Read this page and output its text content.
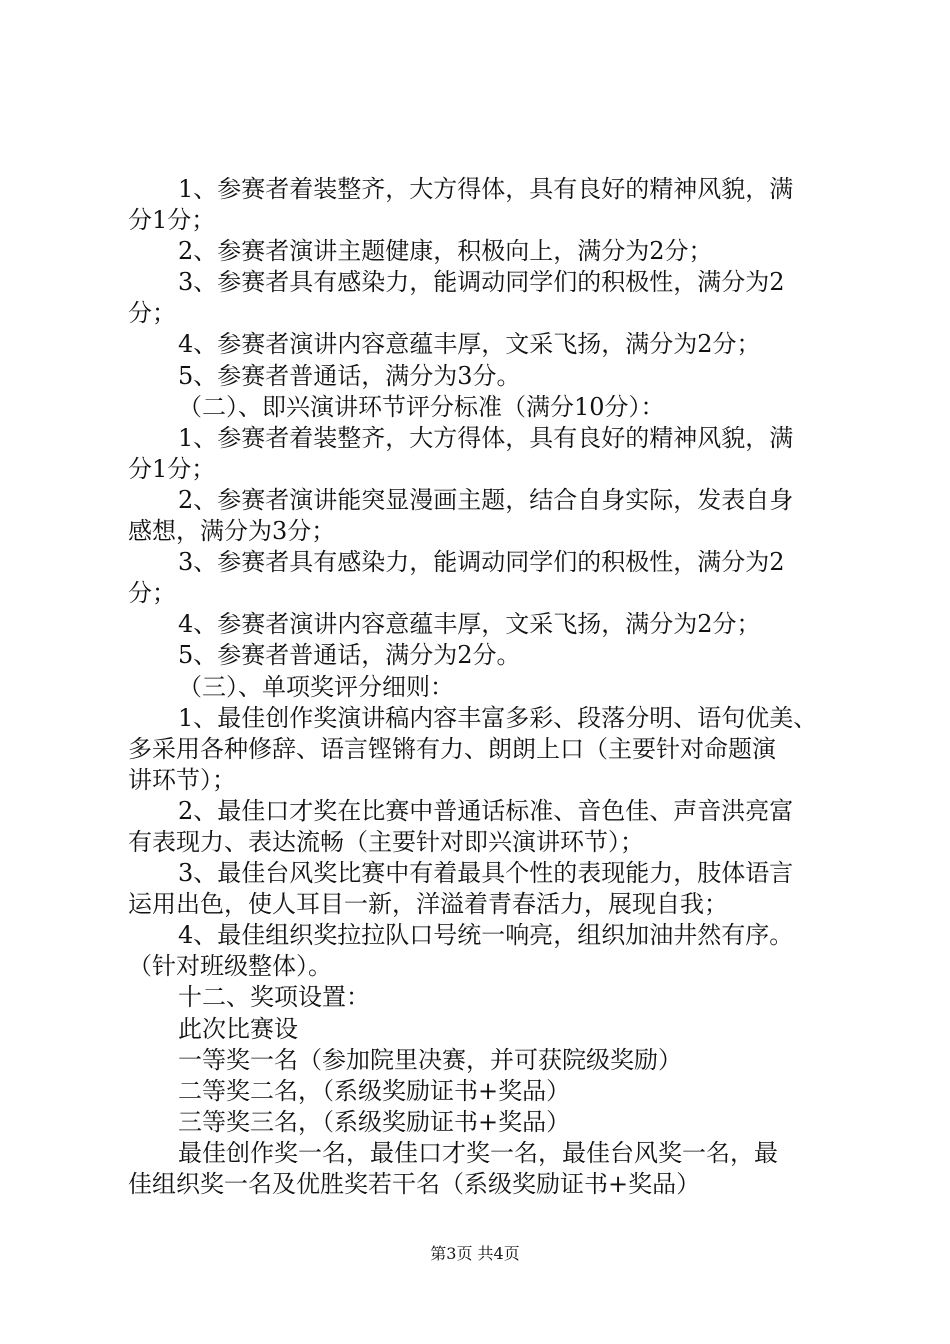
1、参赛者着装整齐，大方得体，具有良好的精神风貌，满
分1分；
2、参赛者演讲主题健康，积极向上，满分为2分；
3、参赛者具有感染力，能调动同学们的积极性，满分为2
分；
4、参赛者演讲内容意蕴丰厚，文采飞扬，满分为2分；
5、参赛者普通话，满分为3分。
（二）、即兴演讲环节评分标准（满分10分）：
1、参赛者着装整齐，大方得体，具有良好的精神风貌，满
分1分；
2、参赛者演讲能突显漫画主题，结合自身实际，发表自身
感想，满分为3分；
3、参赛者具有感染力，能调动同学们的积极性，满分为2
分；
4、参赛者演讲内容意蕴丰厚，文采飞扬，满分为2分；
5、参赛者普通话，满分为2分。
（三）、单项奖评分细则：
1、最佳创作奖演讲稿内容丰富多彩、段落分明、语句优美、
多采用各种修辞、语言铿锵有力、朗朗上口（主要针对命题演
讲环节）；
2、最佳口才奖在比赛中普通话标准、音色佳、声音洪亮富
有表现力、表达流畅（主要针对即兴演讲环节）；
3、最佳台风奖比赛中有着最具个性的表现能力，肢体语言
运用出色，使人耳目一新，洋溢着青春活力，展现自我；
4、最佳组织奖拉拉队口号统一响亮，组织加油井然有序。
（针对班级整体）。
十二、奖项设置：
此次比赛设
一等奖一名（参加院里决赛，并可获院级奖励）
二等奖二名，（系级奖励证书+奖品）
三等奖三名，（系级奖励证书+奖品）
最佳创作奖一名，最佳口才奖一名，最佳台风奖一名，最
佳组织奖一名及优胜奖若干名（系级奖励证书+奖品）
第3页 共4页
